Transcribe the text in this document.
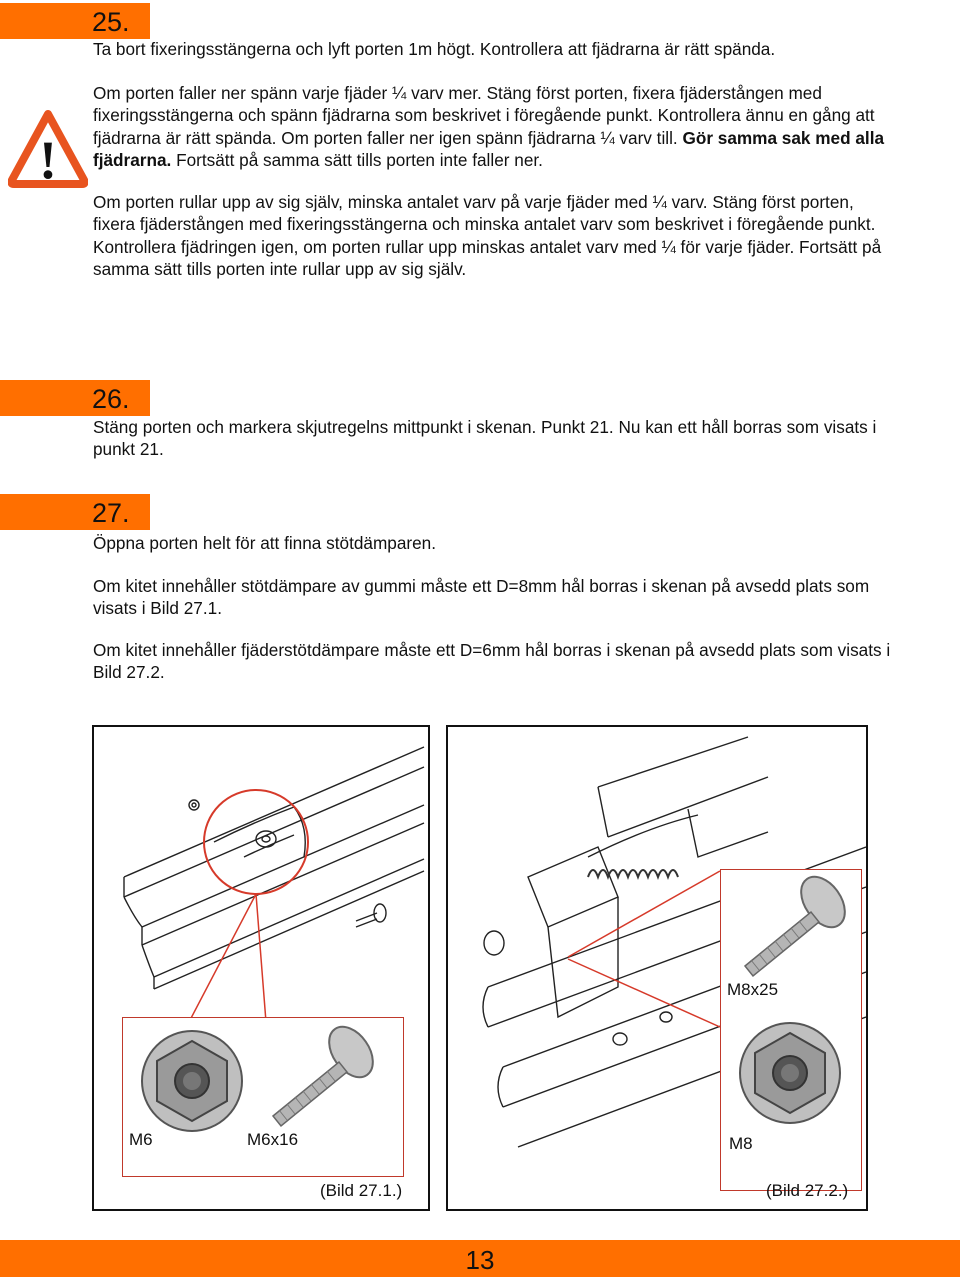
25.

Ta bort fixeringsstängerna och lyft porten 1m högt. Kontrollera att fjädrarna är rätt spända.

!

Om porten faller ner spänn varje fjäder ¼ varv mer. Stäng först porten, fixera fjäderstången med fixeringsstängerna och spänn fjädrarna som beskrivet i föregående punkt. Kontrollera ännu en gång att fjädrarna är rätt spända. Om porten faller ner igen spänn fjädrarna ¼ varv till. Gör samma sak med alla fjädrarna. Fortsätt på samma sätt tills porten inte faller ner.

Om porten rullar upp av sig själv, minska antalet varv på varje fjäder med ¼ varv. Stäng först porten, fixera fjäderstången med fixeringsstängerna och minska antalet varv som beskrivet i föregående punkt. Kontrollera fjädringen igen, om porten rullar upp minskas antalet varv med ¼ för varje fjäder. Fortsätt på samma sätt tills porten inte rullar upp av sig själv.

26.

Stäng porten och markera skjutregelns mittpunkt i skenan. Punkt 21. Nu kan ett håll borras som visats i punkt 21.

27.

Öppna porten helt för att finna stötdämparen.

Om kitet innehåller stötdämpare av gummi måste ett D=8mm hål borras i skenan på avsedd plats som visats i Bild 27.1.

Om kitet innehåller fjäderstötdämpare måste ett D=6mm hål borras i skenan på avsedd plats som visats i Bild 27.2.

M6	M6x16
(Bild 27.1.)
M8x25
M8
(Bild 27.2.)
13
